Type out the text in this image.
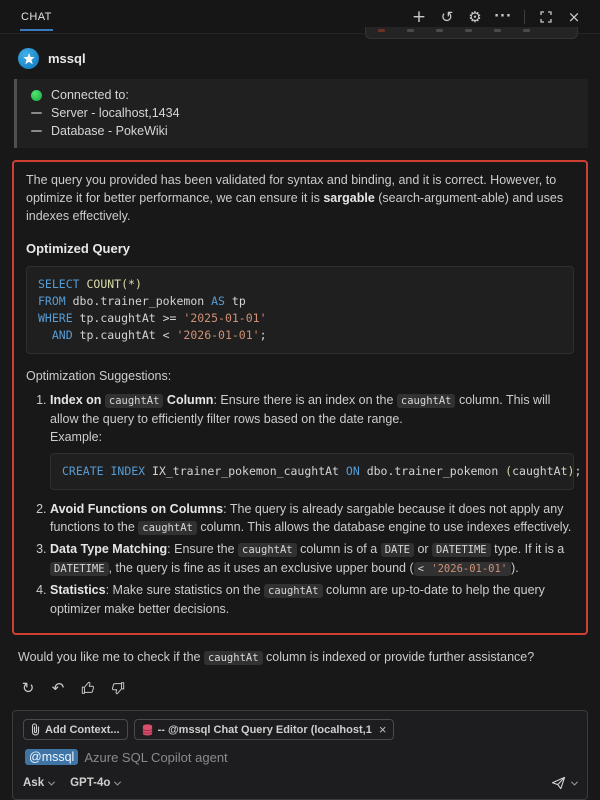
CHAT	+ ↺ ⚙ ···	×
mssql
Connected to:
Server - localhost,1434
Database - PokeWiki

The query you provided has been validated for syntax and binding, and it is correct. However, to optimize it for better performance, we can ensure it is sargable (search-argument-able) and uses indexes effectively.

Optimized Query
SELECT COUNT(*)
FROM dbo.trainer_pokemon AS tp
WHERE tp.caughtAt >= '2025-01-01'
AND tp.caughtAt < '2026-01-01';

Optimization Suggestions:

1. Index on caughtAt Column: Ensure there is an index on the caughtAt column. This will allow the query to efficiently filter rows based on the date range.
Example:
CREATE INDEX IX_trainer_pokemon_caughtAt ON dbo.trainer_pokemon (caughtAt);
2. Avoid Functions on Columns: The query is already sargable because it does not apply any functions to the caughtAt column. This allows the database engine to use indexes effectively.
3. Data Type Matching: Ensure the caughtAt column is of a DATE or DATETIME type. If it is a DATETIME , the query is fine as it uses an exclusive upper bound ( < '2026-01-01' ).
4. Statistics: Make sure statistics on the caughtAt column are up-to-date to help the query optimizer make better decisions.

Would you like me to check if the caughtAt column is indexed or provide further assistance?

↻	↶
Add Context...	-- @mssql Chat Query Editor (localhost,1 ×
@mssql Azure SQL Copilot agent
Ask GPT-4o
